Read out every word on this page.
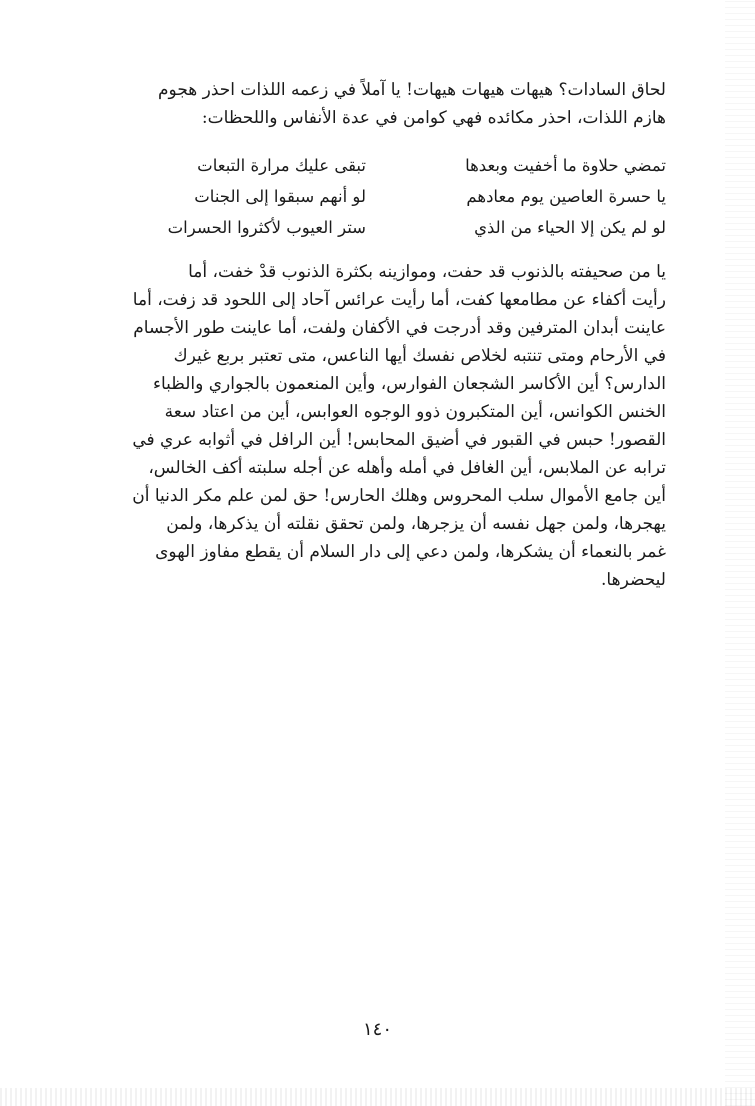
لحاق السادات؟ هيهات هيهات هيهات! يا آملاً في زعمه اللذات احذر هجوم
هازم اللذات، احذر مكائده فهي كوامن في عدة الأنفاس واللحظات:
تمضي حلاوة ما أخفيت وبعدها
تبقى عليك مرارة التبعات
يا حسرة العاصين يوم معادهم
لو أنهم سبقوا إلى الجنات
لو لم يكن إلا الحياء من الذي
ستر العيوب لأكثروا الحسرات
يا من صحيفته بالذنوب قد حفت، وموازينه بكثرة الذنوب قدْ خفت، أما
رأيت أكفاء عن مطامعها كفت، أما رأيت عرائس آحاد إلى اللحود قد زفت، أما
عاينت أبدان المترفين وقد أدرجت في الأكفان ولفت، أما عاينت طور الأجسام
في الأرحام ومتى تنتبه لخلاص نفسك أيها الناعس، متى تعتبر بربع غيرك
الدارس؟ أين الأكاسر الشجعان الفوارس، وأين المنعمون بالجواري والظباء
الخنس الكوانس، أين المتكبرون ذوو الوجوه العوابس، أين من اعتاد سعة
القصور! حبس في القبور في أضيق المحابس! أين الرافل في أثوابه عري في
ترابه عن الملابس، أين الغافل في أمله وأهله عن أجله سلبته أكف الخالس،
أين جامع الأموال سلب المحروس وهلك الحارس! حق لمن علم مكر الدنيا أن
يهجرها، ولمن جهل نفسه أن يزجرها، ولمن تحقق نقلته أن يذكرها، ولمن
غمر بالنعماء أن يشكرها، ولمن دعي إلى دار السلام أن يقطع مفاوز الهوى
ليحضرها.
١٤٠
